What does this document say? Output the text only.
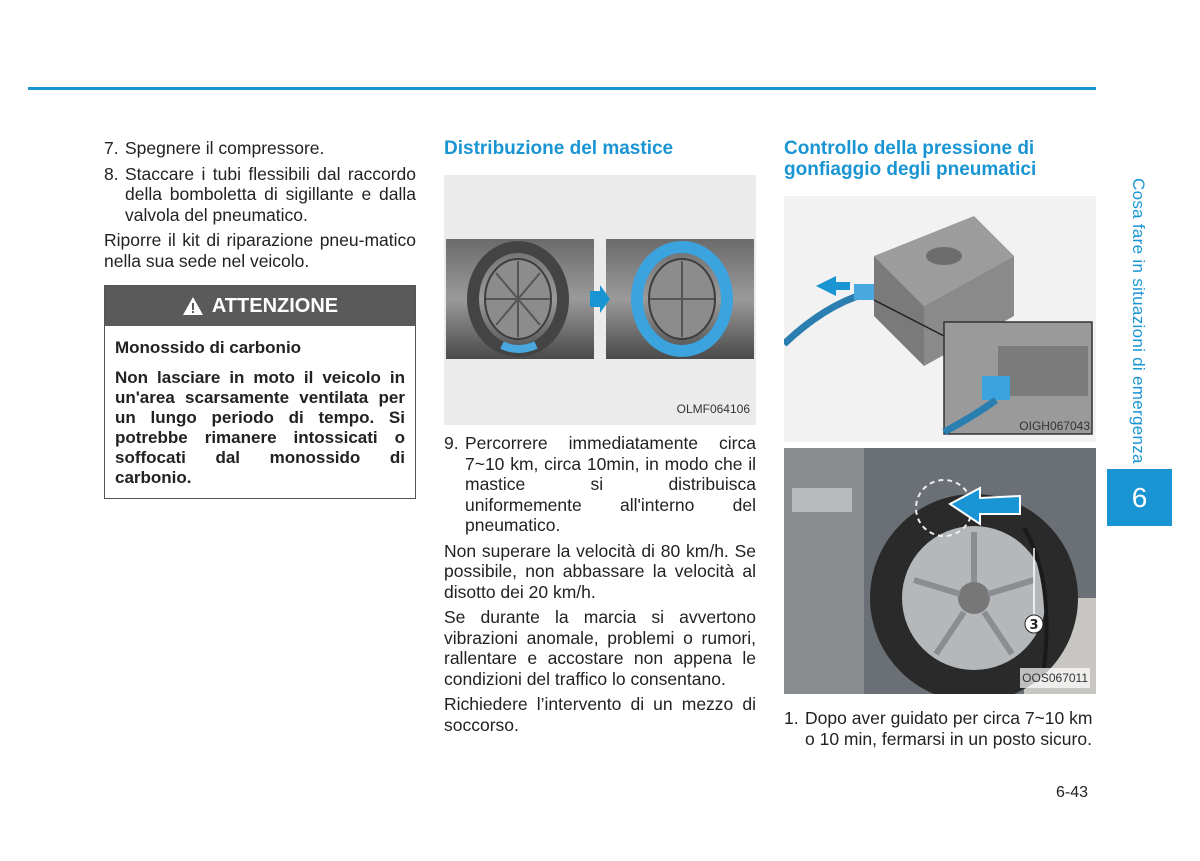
7. Spegnere il compressore.
8. Staccare i tubi flessibili dal raccordo della bomboletta di sigillante e dalla valvola del pneumatico.

Riporre il kit di riparazione pneu-matico nella sua sede nel veicolo.

ATTENZIONE

Monossido di carbonio

Non lasciare in moto il veicolo in un'area scarsamente ventilata per un lungo periodo di tempo. Si potrebbe rimanere intossicati o soffocati dal monossido di carbonio.

Distribuzione del mastice
OLMF064106
9. Percorrere immediatamente circa 7~10 km, circa 10min, in modo che il mastice si distribuisca uniformemente all'interno del pneumatico.

Non superare la velocità di 80 km/h. Se possibile, non abbassare la velocità al disotto dei 20 km/h.

Se durante la marcia si avvertono vibrazioni anomale, problemi o rumori, rallentare e accostare non appena le condizioni del traffico lo consentano.

Richiedere l’intervento di un mezzo di soccorso.

Controllo della pressione di gonfiaggio degli pneumatici
OIGH067043
3
OOS067011
1. Dopo aver guidato per circa 7~10 km o 10 min, fermarsi in un posto sicuro.
Cosa fare in situazioni di emergenza
6
6-43
